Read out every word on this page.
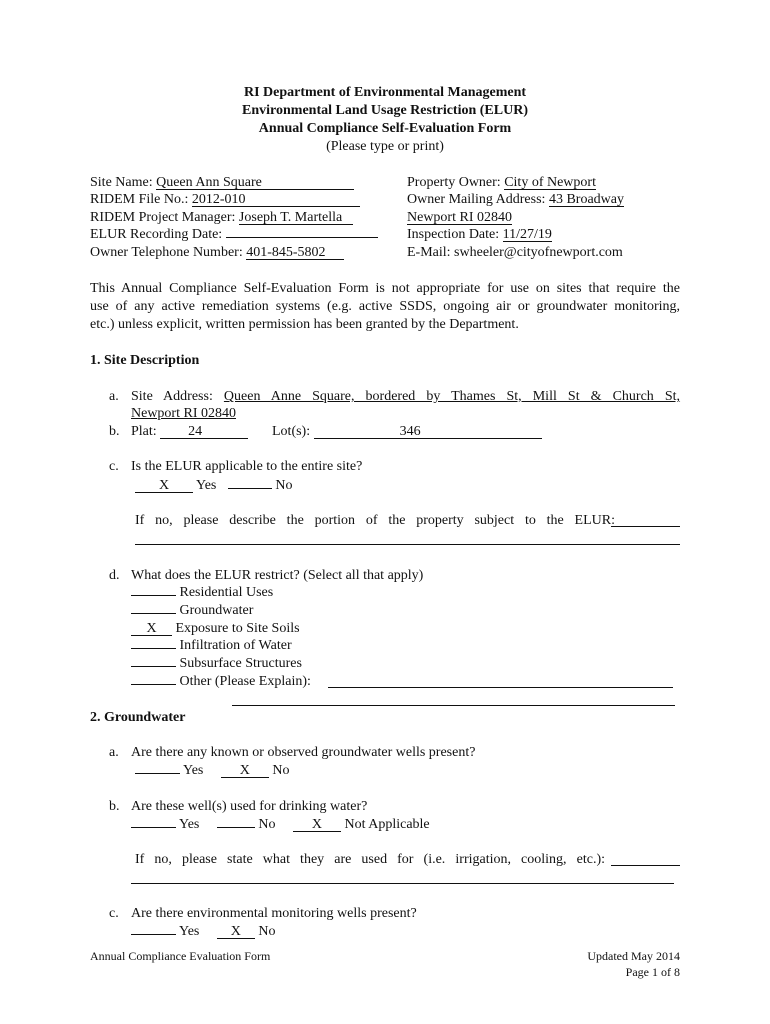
RI Department of Environmental Management
Environmental Land Usage Restriction (ELUR)
Annual Compliance Self-Evaluation Form
(Please type or print)
Site Name: Queen Ann Square
RIDEM File No.: 2012-010
RIDEM Project Manager: Joseph T. Martella
ELUR Recording Date:
Owner Telephone Number: 401-845-5802
Property Owner: City of Newport
Owner Mailing Address: 43 Broadway
Newport RI 02840
Inspection Date: 11/27/19
E-Mail: swheeler@cityofnewport.com
This Annual Compliance Self-Evaluation Form is not appropriate for use on sites that require the
use of any active remediation systems (e.g. active SSDS, ongoing air or groundwater monitoring,
etc.) unless explicit, written permission has been granted by the Department.
1. Site Description
a. Site Address: Queen Anne Square, bordered by Thames St, Mill St & Church St,
Newport RI 02840
b. Plat: 24	Lot(s):	346
c. Is the ELUR applicable to the entire site?
X Yes	No
If no, please describe the portion of the property subject to the ELUR:
d. What does the ELUR restrict? (Select all that apply)
Residential Uses
Groundwater
X Exposure to Site Soils
Infiltration of Water
Subsurface Structures
Other (Please Explain):
2. Groundwater
a. Are there any known or observed groundwater wells present?
Yes	X No
b. Are these well(s) used for drinking water?
Yes	No	X Not Applicable
If no, please state what they are used for (i.e. irrigation, cooling, etc.):
c. Are there environmental monitoring wells present?
Yes X No
Annual Compliance Evaluation Form	Updated May 2014
Page 1 of 8
